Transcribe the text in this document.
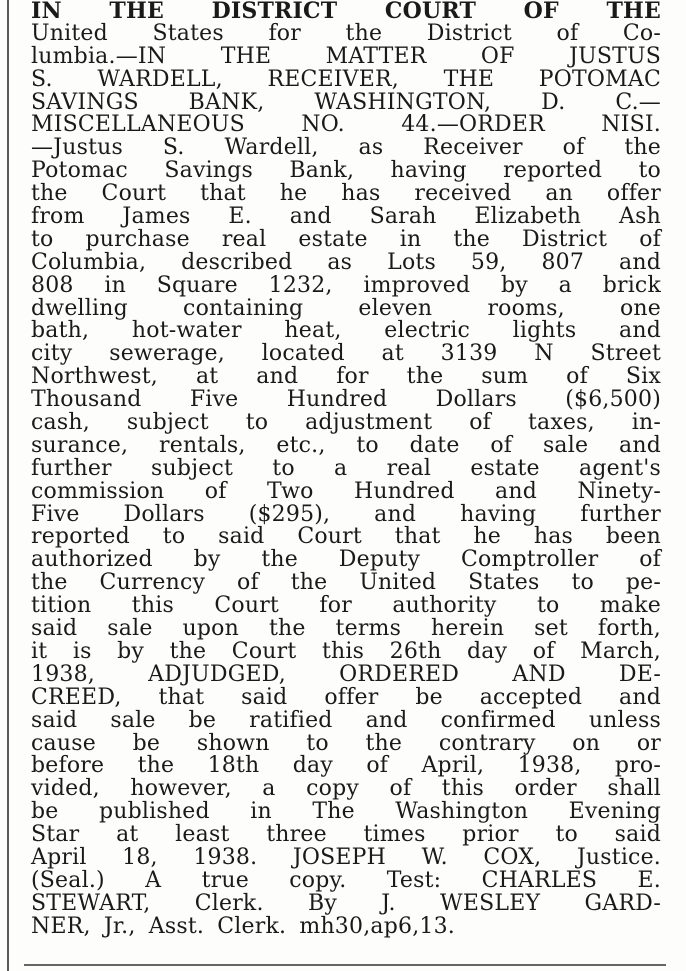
IN THE DISTRICT COURT OF THE
United States for the District of Co-
lumbia.—IN THE MATTER OF JUSTUS
S. WARDELL, RECEIVER, THE POTOMAC
SAVINGS BANK, WASHINGTON, D. C.—
MISCELLANEOUS NO. 44.—ORDER NISI.
—Justus S. Wardell, as Receiver of the
Potomac Savings Bank, having reported to
the Court that he has received an offer
from James E. and Sarah Elizabeth Ash
to purchase real estate in the District of
Columbia, described as Lots 59, 807 and
808 in Square 1232, improved by a brick
dwelling containing eleven rooms, one
bath, hot-water heat, electric lights and
city sewerage, located at 3139 N Street
Northwest, at and for the sum of Six
Thousand Five Hundred Dollars ($6,500)
cash, subject to adjustment of taxes, in-
surance, rentals, etc., to date of sale and
further subject to a real estate agent's
commission of Two Hundred and Ninety-
Five Dollars ($295), and having further
reported to said Court that he has been
authorized by the Deputy Comptroller of
the Currency of the United States to pe-
tition this Court for authority to make
said sale upon the terms herein set forth,
it is by the Court this 26th day of March,
1938, ADJUDGED, ORDERED AND DE-
CREED, that said offer be accepted and
said sale be ratified and confirmed unless
cause be shown to the contrary on or
before the 18th day of April, 1938, pro-
vided, however, a copy of this order shall
be published in The Washington Evening
Star at least three times prior to said
April 18, 1938. JOSEPH W. COX, Justice.
(Seal.) A true copy. Test: CHARLES E.
STEWART, Clerk. By J. WESLEY GARD-
NER, Jr., Asst. Clerk. mh30,ap6,13.
